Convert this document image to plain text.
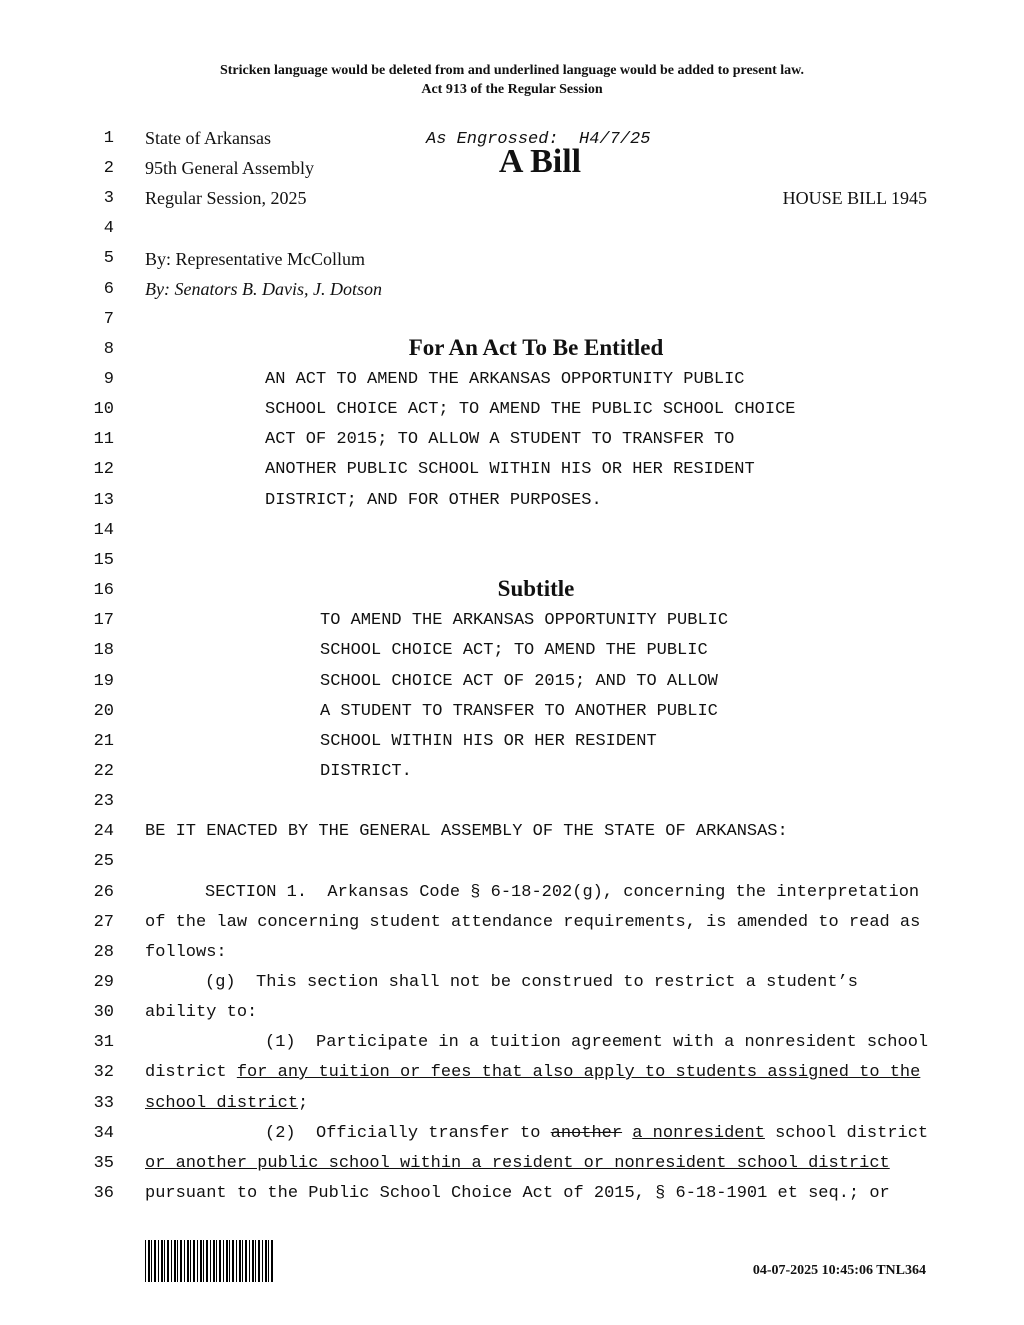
Stricken language would be deleted from and underlined language would be added to present law.
Act 913 of the Regular Session
1
2
3
4
5
6
7
8
9
10
11
12
13
14
15
16
17
18
19
20
21
22
23
24
25
26
27
28
29
30
31
32
33
34
35
36
State of Arkansas	As Engrossed:  H4/7/25
95th General Assembly	A Bill
Regular Session, 2025	HOUSE BILL 1945
By: Representative McCollum
By: Senators B. Davis, J. Dotson
For An Act To Be Entitled
AN ACT TO AMEND THE ARKANSAS OPPORTUNITY PUBLIC
SCHOOL CHOICE ACT; TO AMEND THE PUBLIC SCHOOL CHOICE
ACT OF 2015; TO ALLOW A STUDENT TO TRANSFER TO
ANOTHER PUBLIC SCHOOL WITHIN HIS OR HER RESIDENT
DISTRICT; AND FOR OTHER PURPOSES.
Subtitle
TO AMEND THE ARKANSAS OPPORTUNITY PUBLIC
SCHOOL CHOICE ACT; TO AMEND THE PUBLIC
SCHOOL CHOICE ACT OF 2015; AND TO ALLOW
A STUDENT TO TRANSFER TO ANOTHER PUBLIC
SCHOOL WITHIN HIS OR HER RESIDENT
DISTRICT.
BE IT ENACTED BY THE GENERAL ASSEMBLY OF THE STATE OF ARKANSAS:
SECTION 1.  Arkansas Code § 6-18-202(g), concerning the interpretation
of the law concerning student attendance requirements, is amended to read as
follows:
(g)  This section shall not be construed to restrict a student’s
ability to:
(1)  Participate in a tuition agreement with a nonresident school
district for any tuition or fees that also apply to students assigned to the
school district;
(2)  Officially transfer to another a nonresident school district
or another public school within a resident or nonresident school district
pursuant to the Public School Choice Act of 2015, § 6-18-1901 et seq.; or
04-07-2025 10:45:06 TNL364
